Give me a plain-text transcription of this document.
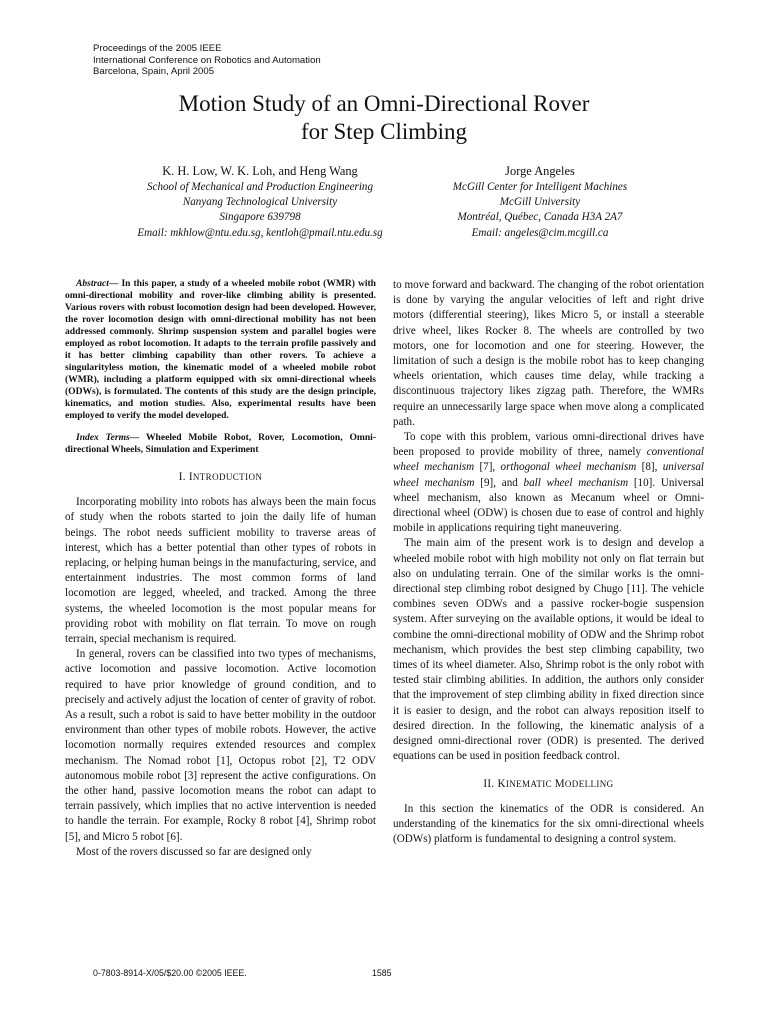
Proceedings of the 2005 IEEE
International Conference on Robotics and Automation
Barcelona, Spain, April 2005
Motion Study of an Omni-Directional Rover
for Step Climbing
K. H. Low, W. K. Loh, and Heng Wang
School of Mechanical and Production Engineering
Nanyang Technological University
Singapore 639798
Email: mkhlow@ntu.edu.sg, kentloh@pmail.ntu.edu.sg
Jorge Angeles
McGill Center for Intelligent Machines
McGill University
Montréal, Québec, Canada H3A 2A7
Email: angeles@cim.mcgill.ca

Abstract— In this paper, a study of a wheeled mobile robot (WMR) with omni-directional mobility and rover-like climbing ability is presented. Various rovers with robust locomotion design had been developed. However, the rover locomotion design with omni-directional mobility has not been addressed commonly. Shrimp suspension system and parallel bogies were employed as robot locomotion. It adapts to the terrain profile passively and it has better climbing capability than other rovers. To achieve a singularityless motion, the kinematic model of a wheeled mobile robot (WMR), including a platform equipped with six omni-directional wheels (ODWs), is formulated. The contents of this study are the design principle, kinematics, and motion studies. Also, experimental results have been employed to verify the model developed.

Index Terms— Wheeled Mobile Robot, Rover, Locomotion, Omni-directional Wheels, Simulation and Experiment

I. INTRODUCTION

Incorporating mobility into robots has always been the main focus of study when the robots started to join the daily life of human beings. The robot needs sufficient mobility to traverse areas of interest, which has a better potential than other types of robots in replacing, or helping human beings in the manufacturing, service, and entertainment industries. The most common forms of land locomotion are legged, wheeled, and tracked. Among the three systems, the wheeled locomotion is the most popular means for providing robot with mobility on flat terrain. To move on rough terrain, special mechanism is required.

In general, rovers can be classified into two types of mechanisms, active locomotion and passive locomotion. Active locomotion required to have prior knowledge of ground condition, and to precisely and actively adjust the location of center of gravity of robot. As a result, such a robot is said to have better mobility in the outdoor environment than other types of mobile robots. However, the active locomotion normally requires extended resources and complex mechanism. The Nomad robot [1], Octopus robot [2], T2 ODV autonomous mobile robot [3] represent the active configurations. On the other hand, passive locomotion means the robot can adapt to terrain passively, which implies that no active intervention is needed to handle the terrain. For example, Rocky 8 robot [4], Shrimp robot [5], and Micro 5 robot [6].

Most of the rovers discussed so far are designed only

to move forward and backward. The changing of the robot orientation is done by varying the angular velocities of left and right drive motors (differential steering), likes Micro 5, or install a steerable drive wheel, likes Rocker 8. The wheels are controlled by two motors, one for locomotion and one for steering. However, the limitation of such a design is the mobile robot has to keep changing wheels orientation, which causes time delay, while tracking a discontinuous trajectory likes zigzag path. Therefore, the WMRs require an unnecessarily large space when move along a complicated path.

To cope with this problem, various omni-directional drives have been proposed to provide mobility of three, namely conventional wheel mechanism [7], orthogonal wheel mechanism [8], universal wheel mechanism [9], and ball wheel mechanism [10]. Universal wheel mechanism, also known as Mecanum wheel or Omni-directional wheel (ODW) is chosen due to ease of control and highly mobile in applications requiring tight maneuvering.

The main aim of the present work is to design and develop a wheeled mobile robot with high mobility not only on flat terrain but also on undulating terrain. One of the similar works is the omni-directional step climbing robot designed by Chugo [11]. The vehicle combines seven ODWs and a passive rocker-bogie suspension system. After surveying on the available options, it would be ideal to combine the omni-directional mobility of ODW and the Shrimp robot mechanism, which provides the best step climbing capability, two times of its wheel diameter. Also, Shrimp robot is the only robot with tested stair climbing abilities. In addition, the authors only consider that the improvement of step climbing ability in fixed direction since it is easier to design, and the robot can always reposition itself to desired direction. In the following, the kinematic analysis of a designed omni-directional rover (ODR) is presented. The derived equations can be used in position feedback control.

II. KINEMATIC MODELLING

In this section the kinematics of the ODR is considered. An understanding of the kinematics for the six omni-directional wheels (ODWs) platform is fundamental to designing a control system.

0-7803-8914-X/05/$20.00 ©2005 IEEE.	1585
